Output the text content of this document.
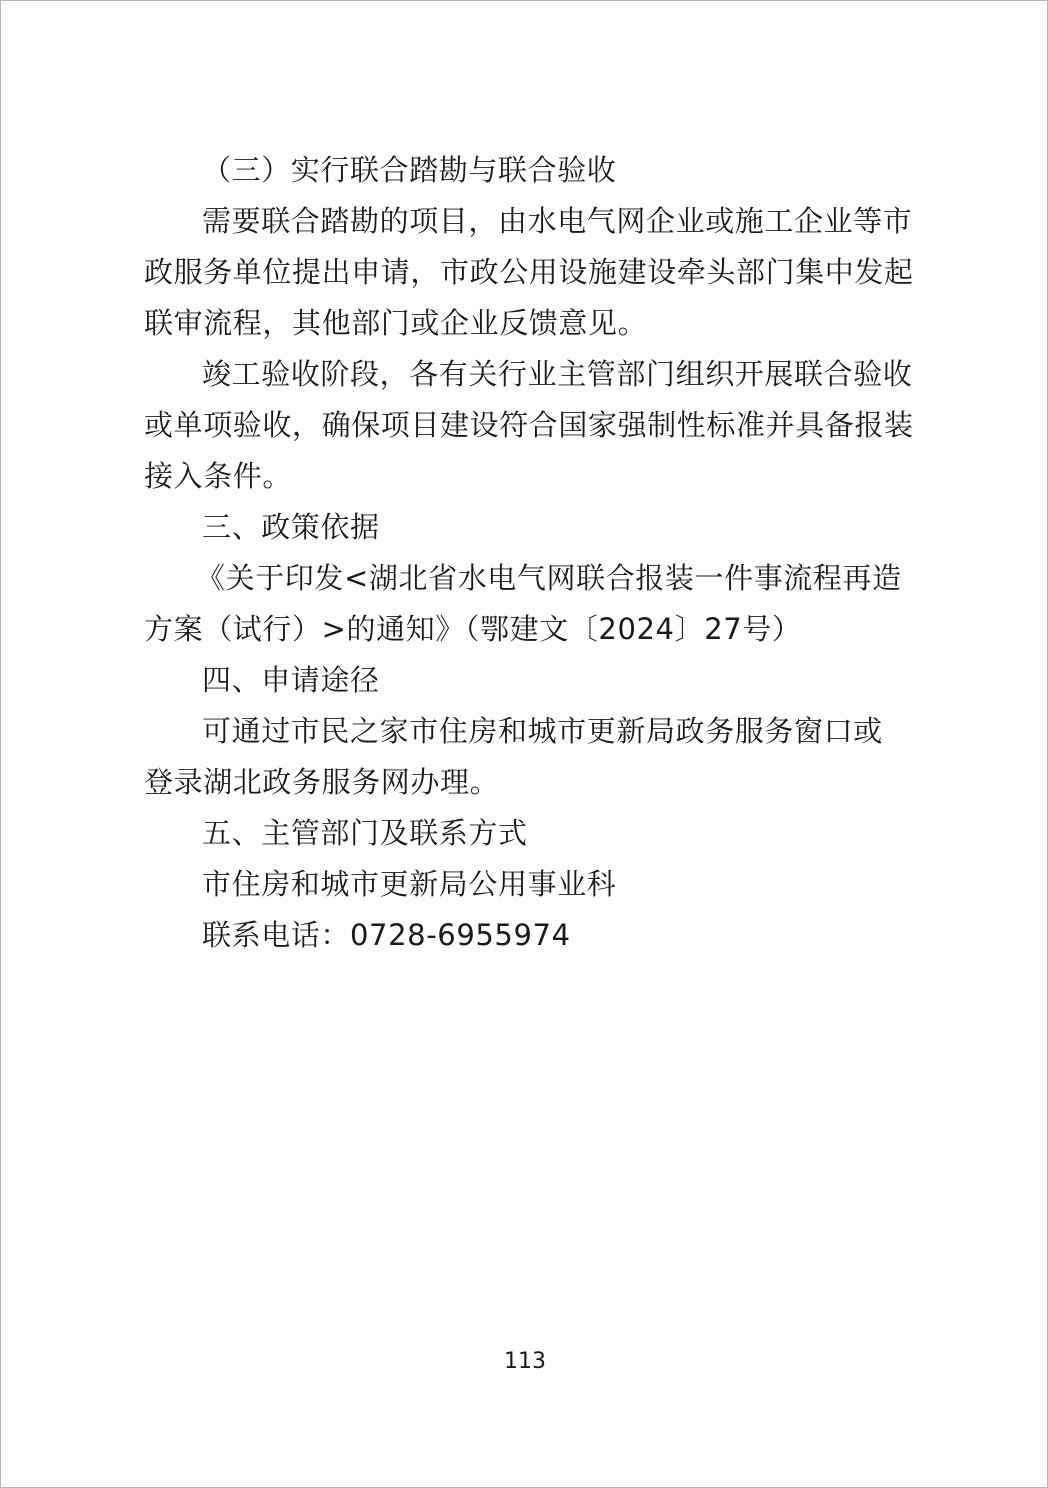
（三）实行联合踏勘与联合验收
需要联合踏勘的项目，由水电气网企业或施工企业等市
政服务单位提出申请，市政公用设施建设牵头部门集中发起
联审流程，其他部门或企业反馈意见。
竣工验收阶段，各有关行业主管部门组织开展联合验收
或单项验收，确保项目建设符合国家强制性标准并具备报装
接入条件。
三、政策依据
《关于印发<湖北省水电气网联合报装一件事流程再造
方案（试行）>的通知》（鄂建文〔2024〕27号）
四、申请途径
可通过市民之家市住房和城市更新局政务服务窗口或
登录湖北政务服务网办理。
五、主管部门及联系方式
市住房和城市更新局公用事业科
联系电话：0728-6955974
113
